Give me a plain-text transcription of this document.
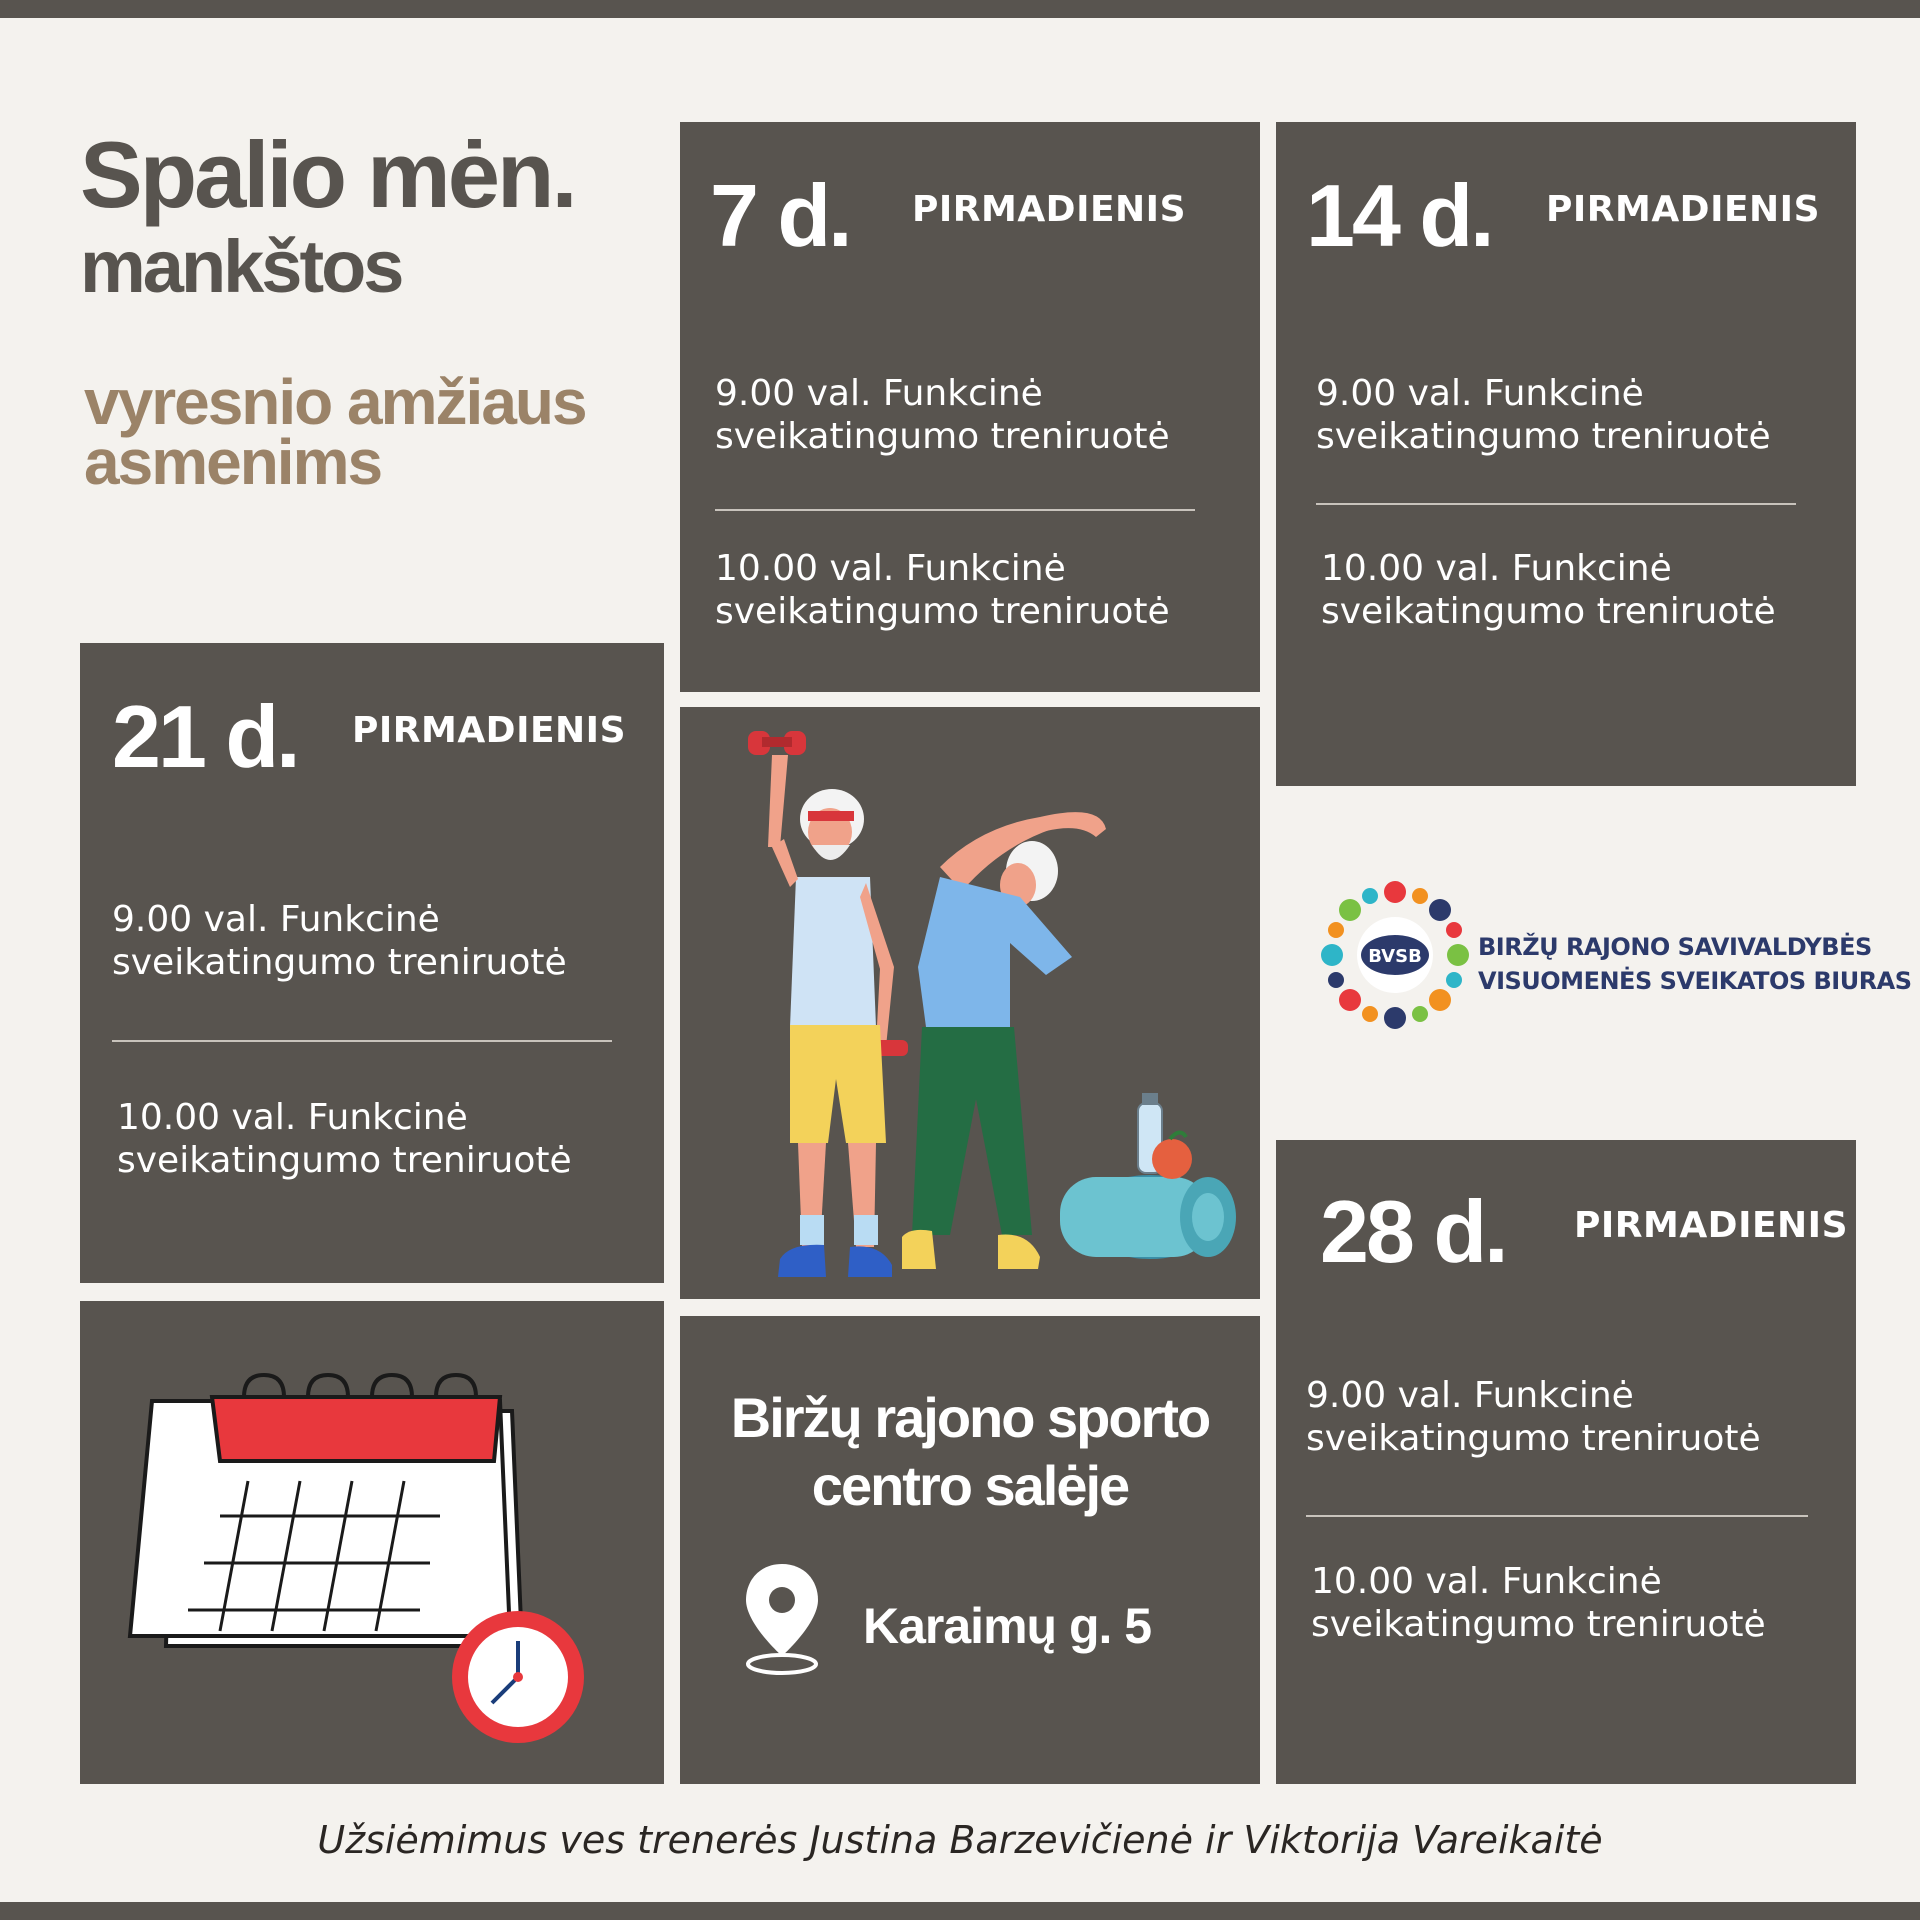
Spalio mėn.
mankštos
vyresnio amžiaus
asmenims
7 d. PIRMADIENIS
9.00 val. Funkcinė
sveikatingumo treniruotė
10.00 val. Funkcinė
sveikatingumo treniruotė
14 d. PIRMADIENIS
9.00 val. Funkcinė
sveikatingumo treniruotė
10.00 val. Funkcinė
sveikatingumo treniruotė
21 d. PIRMADIENIS
9.00 val. Funkcinė
sveikatingumo treniruotė
10.00 val. Funkcinė
sveikatingumo treniruotė
BVSB BIRŽŲ RAJONO SAVIVALDYBĖS
VISUOMENĖS SVEIKATOS BIURAS
28 d. PIRMADIENIS
9.00 val. Funkcinė
sveikatingumo treniruotė
10.00 val. Funkcinė
sveikatingumo treniruotė
Biržų rajono sporto
centro salėje
Karaimų g. 5
Užsiėmimus ves trenerės Justina Barzevičienė ir Viktorija Vareikaitė
